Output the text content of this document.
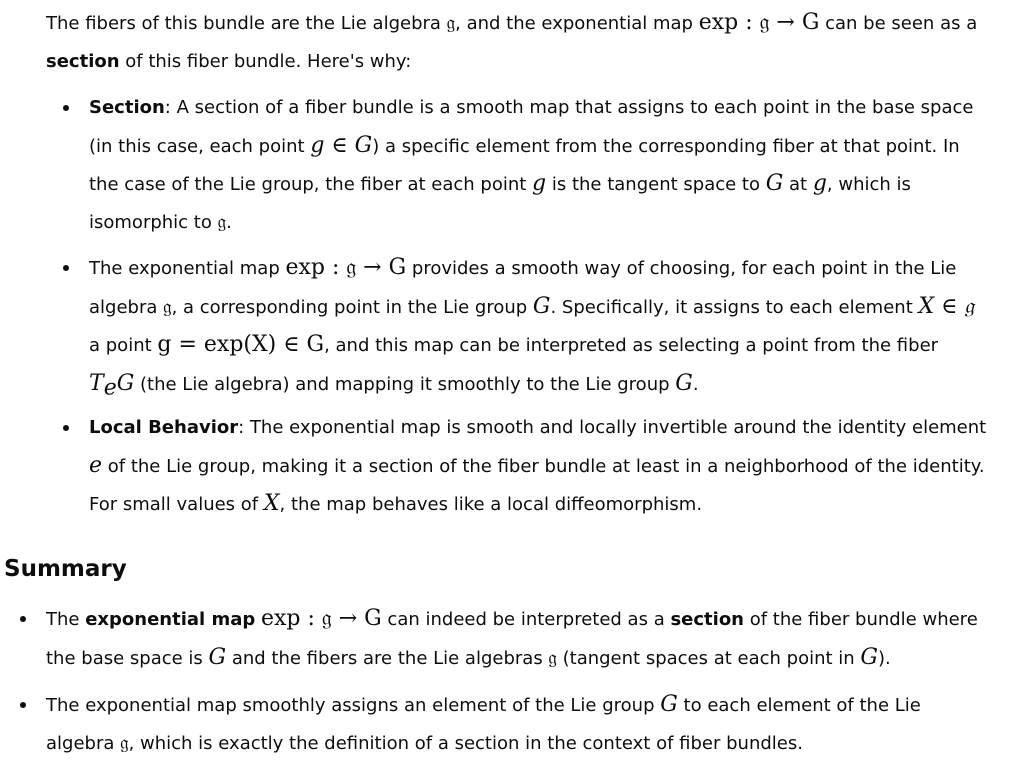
The fibers of this bundle are the Lie algebra 𝔤, and the exponential map exp : 𝔤 → G can be seen as a section of this fiber bundle. Here's why:

Section: A section of a fiber bundle is a smooth map that assigns to each point in the base space (in this case, each point g ∈ G) a specific element from the corresponding fiber at that point. In the case of the Lie group, the fiber at each point g is the tangent space to G at g, which is isomorphic to 𝔤.

The exponential map exp : 𝔤 → G provides a smooth way of choosing, for each point in the Lie algebra 𝔤, a corresponding point in the Lie group G. Specifically, it assigns to each element X ∈ 𝔤 a point g = exp(X) ∈ G, and this map can be interpreted as selecting a point from the fiber $T_eG$ (the Lie algebra) and mapping it smoothly to the Lie group G.

Local Behavior: The exponential map is smooth and locally invertible around the identity element e of the Lie group, making it a section of the fiber bundle at least in a neighborhood of the identity. For small values of X, the map behaves like a local diffeomorphism.

Summary

The exponential map exp : 𝔤 → G can indeed be interpreted as a section of the fiber bundle where the base space is G and the fibers are the Lie algebras 𝔤 (tangent spaces at each point in G).

The exponential map smoothly assigns an element of the Lie group G to each element of the Lie algebra 𝔤, which is exactly the definition of a section in the context of fiber bundles.
